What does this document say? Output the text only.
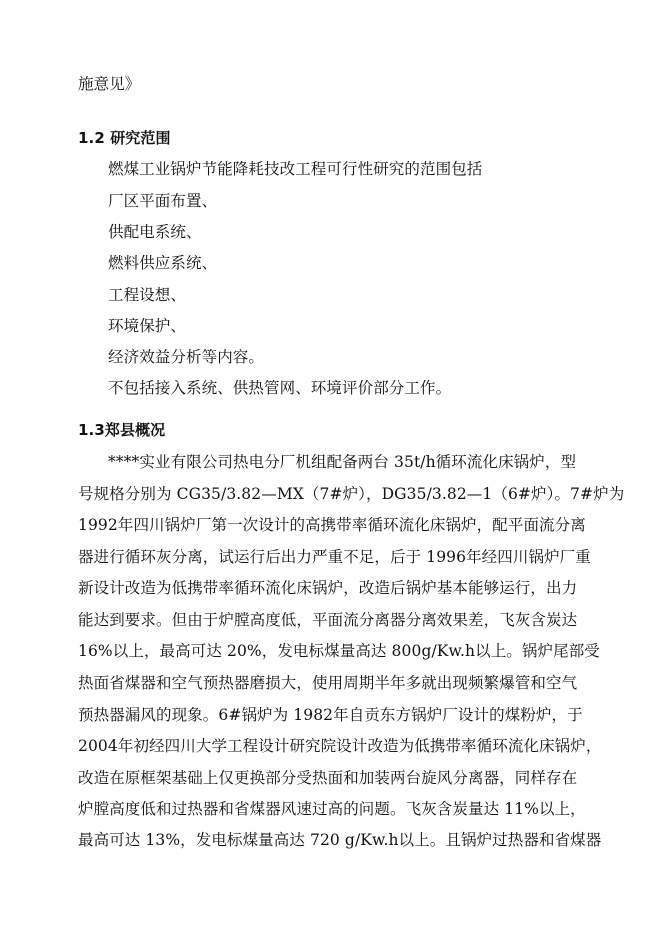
施意见》
1.2 研究范围
燃煤工业锅炉节能降耗技改工程可行性研究的范围包括
厂区平面布置、
供配电系统、
燃料供应系统、
工程设想、
环境保护、
经济效益分析等内容。
不包括接入系统、供热管网、环境评价部分工作。
1.3郑县概况
****实业有限公司热电分厂机组配备两台 35t/h循环流化床锅炉，型
号规格分别为 CG35/3.82—MX（7#炉），DG35/3.82—1（6#炉）。7#炉为
1992年四川锅炉厂第一次设计的高携带率循环流化床锅炉，配平面流分离
器进行循环灰分离，试运行后出力严重不足，后于 1996年经四川锅炉厂重
新设计改造为低携带率循环流化床锅炉，改造后锅炉基本能够运行，出力
能达到要求。但由于炉膛高度低，平面流分离器分离效果差，飞灰含炭达
16%以上，最高可达 20%，发电标煤量高达 800g/Kw.h以上。锅炉尾部受
热面省煤器和空气预热器磨损大，使用周期半年多就出现频繁爆管和空气
预热器漏风的现象。6#锅炉为 1982年自贡东方锅炉厂设计的煤粉炉，于
2004年初经四川大学工程设计研究院设计改造为低携带率循环流化床锅炉，
改造在原框架基础上仅更换部分受热面和加装两台旋风分离器，同样存在
炉膛高度低和过热器和省煤器风速过高的问题。飞灰含炭量达 11%以上，
最高可达 13%，发电标煤量高达 720 g/Kw.h以上。且锅炉过热器和省煤器
